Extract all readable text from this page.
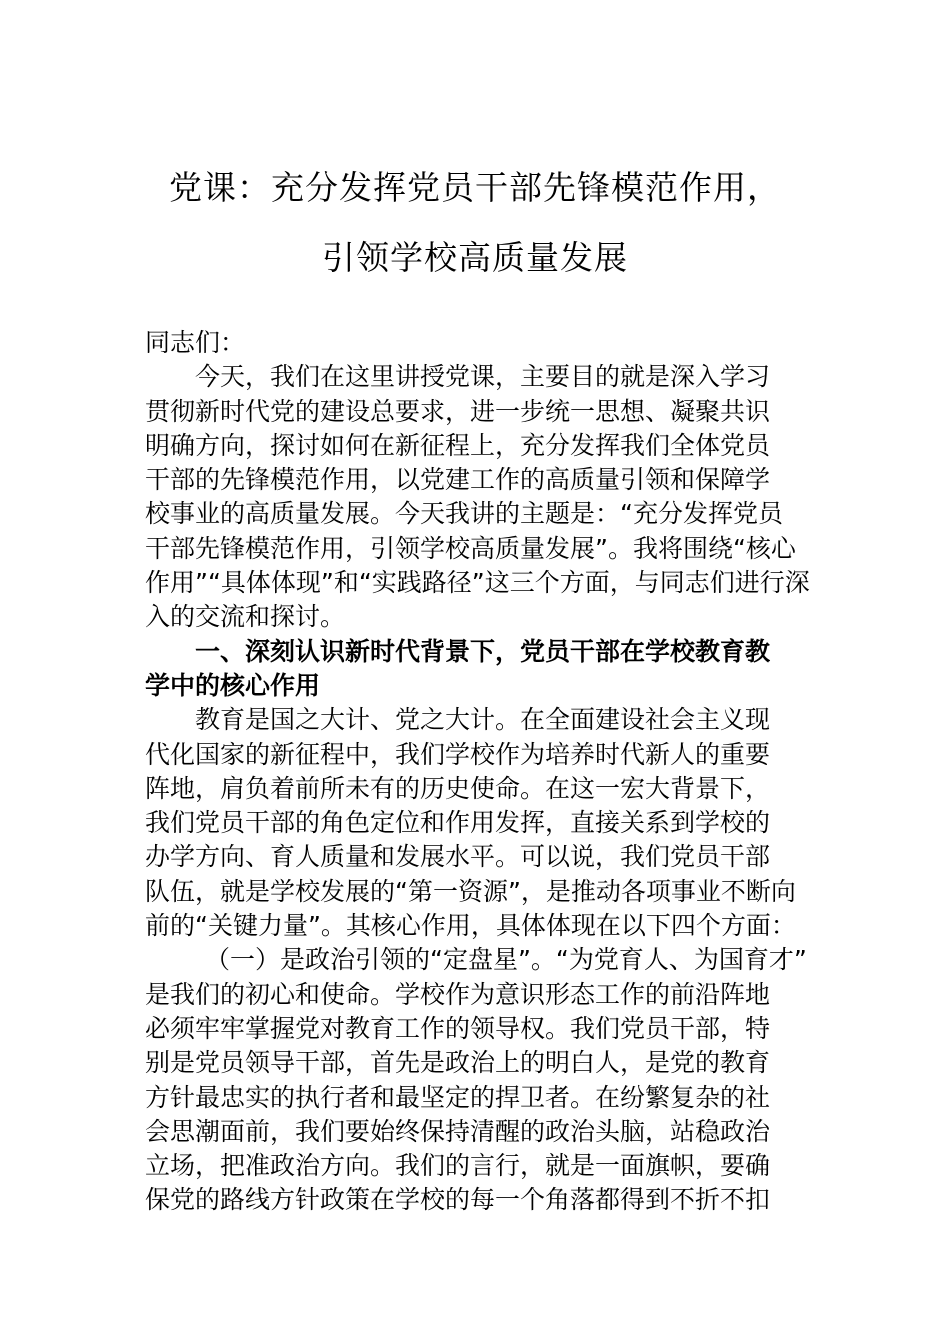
党课：充分发挥党员干部先锋模范作用，
引领学校高质量发展
同志们：
今天，我们在这里讲授党课，主要目的就是深入学习
贯彻新时代党的建设总要求，进一步统一思想、凝聚共识
明确方向，探讨如何在新征程上，充分发挥我们全体党员
干部的先锋模范作用，以党建工作的高质量引领和保障学
校事业的高质量发展。今天我讲的主题是：“充分发挥党员
干部先锋模范作用，引领学校高质量发展”。我将围绕“核心
作用”“具体体现”和“实践路径”这三个方面，与同志们进行深
入的交流和探讨。
一、深刻认识新时代背景下，党员干部在学校教育教
学中的核心作用
教育是国之大计、党之大计。在全面建设社会主义现
代化国家的新征程中，我们学校作为培养时代新人的重要
阵地，肩负着前所未有的历史使命。在这一宏大背景下，
我们党员干部的角色定位和作用发挥，直接关系到学校的
办学方向、育人质量和发展水平。可以说，我们党员干部
队伍，就是学校发展的“第一资源”，是推动各项事业不断向
前的“关键力量”。其核心作用，具体体现在以下四个方面：
（一）是政治引领的“定盘星”。“为党育人、为国育才”
是我们的初心和使命。学校作为意识形态工作的前沿阵地
必须牢牢掌握党对教育工作的领导权。我们党员干部，特
别是党员领导干部，首先是政治上的明白人，是党的教育
方针最忠实的执行者和最坚定的捍卫者。在纷繁复杂的社
会思潮面前，我们要始终保持清醒的政治头脑，站稳政治
立场，把准政治方向。我们的言行，就是一面旗帜，要确
保党的路线方针政策在学校的每一个角落都得到不折不扣
